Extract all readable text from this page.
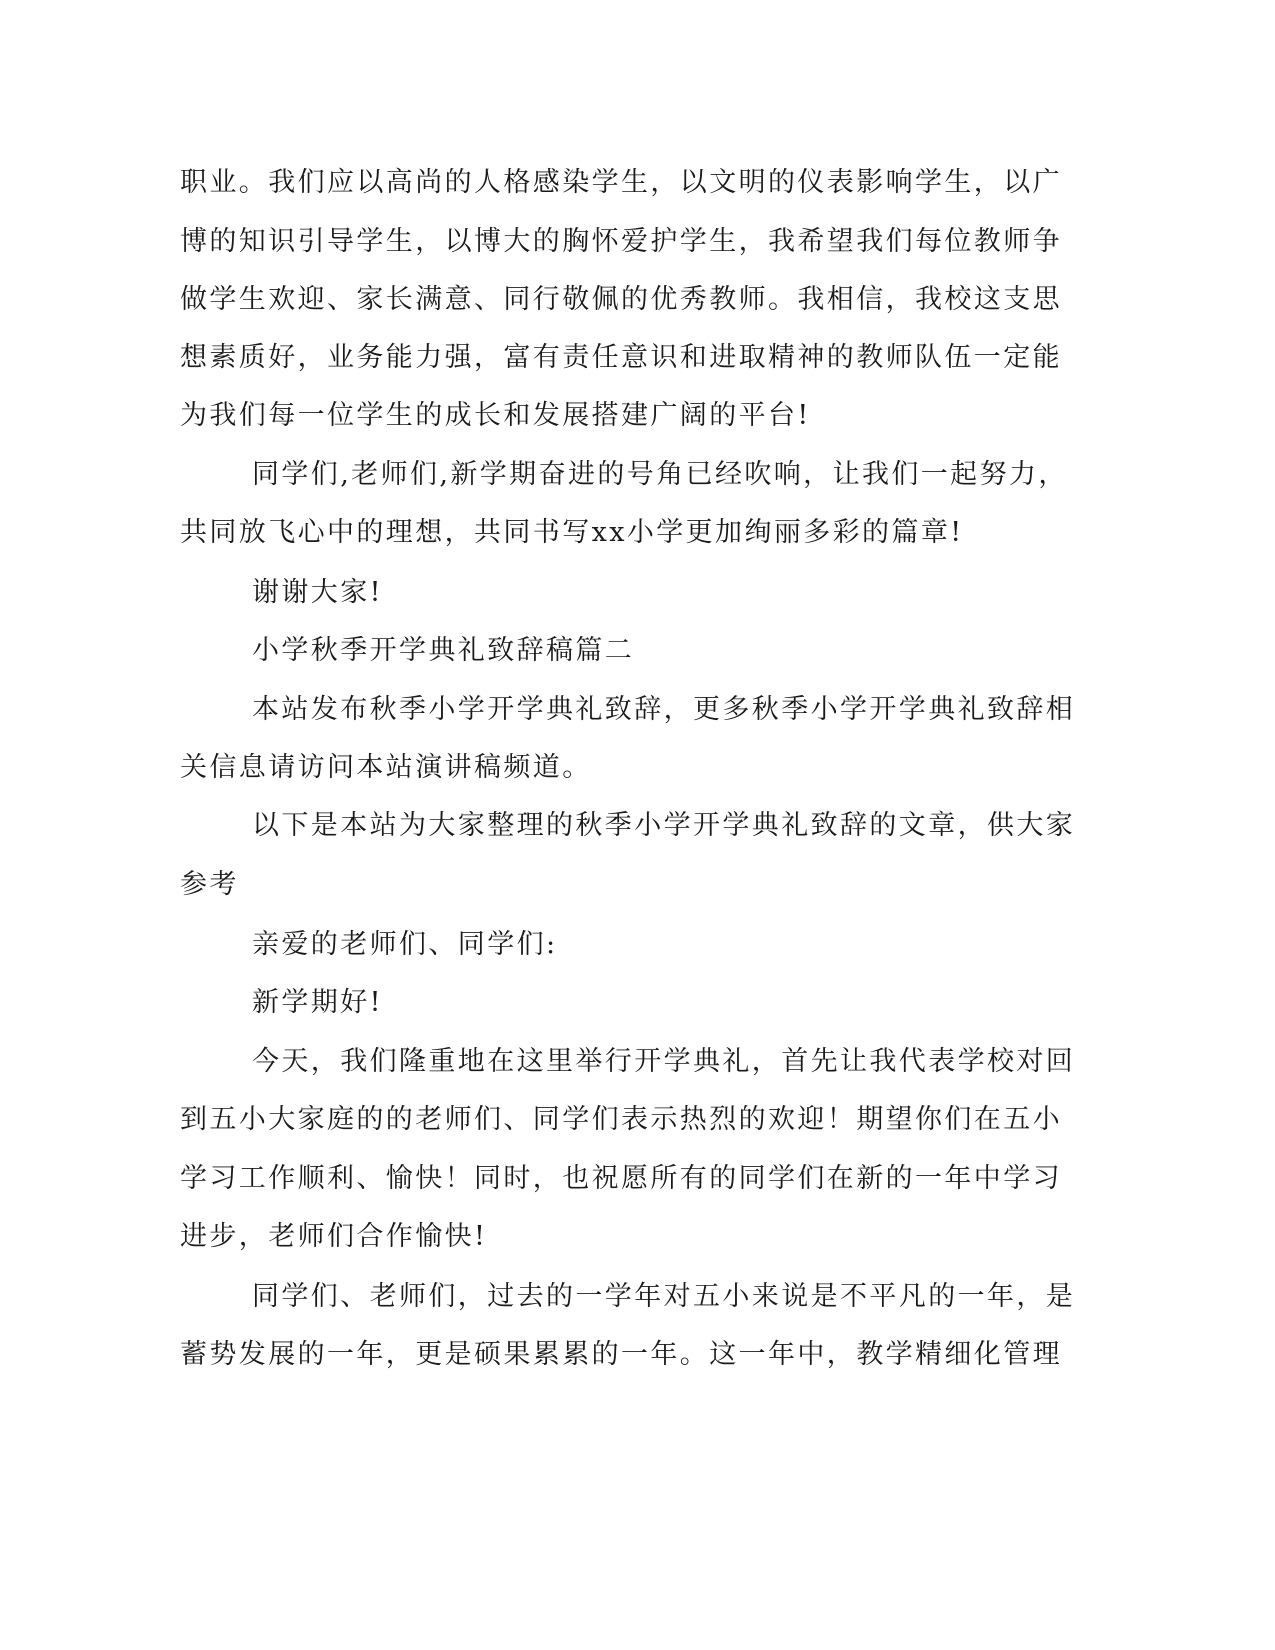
职业。我们应以高尚的人格感染学生，以文明的仪表影响学生，以广
博的知识引导学生，以博大的胸怀爱护学生，我希望我们每位教师争
做学生欢迎、家长满意、同行敬佩的优秀教师。我相信，我校这支思
想素质好，业务能力强，富有责任意识和进取精神的教师队伍一定能
为我们每一位学生的成长和发展搭建广阔的平台!
同学们,老师们,新学期奋进的号角已经吹响，让我们一起努力，
共同放飞心中的理想，共同书写xx小学更加绚丽多彩的篇章!
谢谢大家!
小学秋季开学典礼致辞稿篇二
本站发布秋季小学开学典礼致辞，更多秋季小学开学典礼致辞相
关信息请访问本站演讲稿频道。
以下是本站为大家整理的秋季小学开学典礼致辞的文章，供大家
参考
亲爱的老师们、同学们:
新学期好!
今天，我们隆重地在这里举行开学典礼，首先让我代表学校对回
到五小大家庭的的老师们、同学们表示热烈的欢迎！期望你们在五小
学习工作顺利、愉快！同时，也祝愿所有的同学们在新的一年中学习
进步，老师们合作愉快!
同学们、老师们，过去的一学年对五小来说是不平凡的一年，是
蓄势发展的一年，更是硕果累累的一年。这一年中，教学精细化管理
